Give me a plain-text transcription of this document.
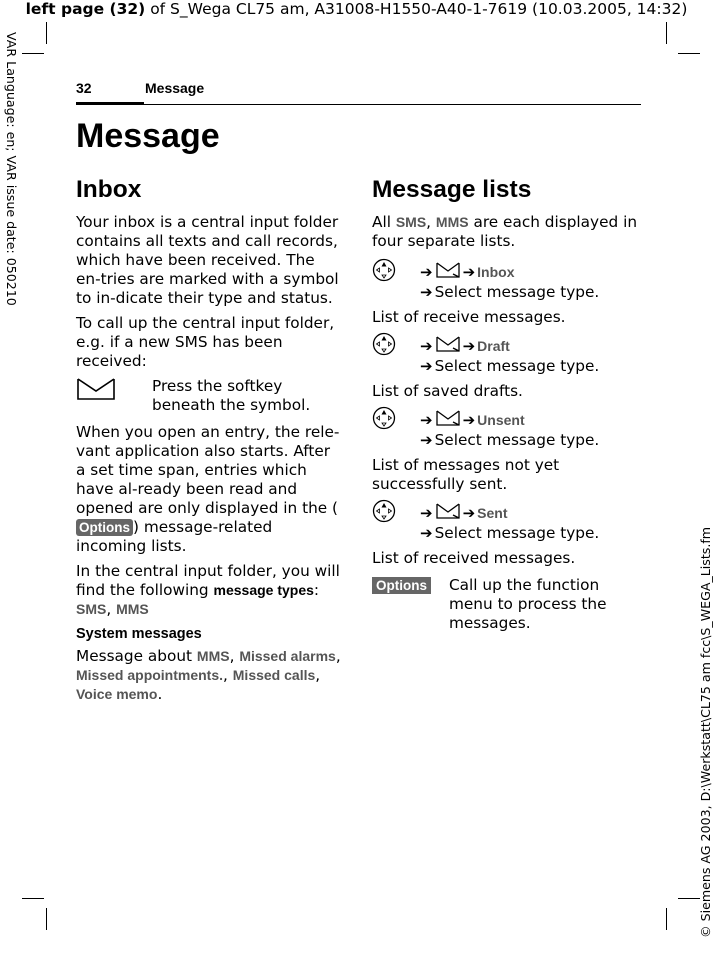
left page (32) of S_Wega CL75 am, A31008-H1550-A40-1-7619 (10.03.2005, 14:32)
VAR Language: en; VAR issue date: 050210
© Siemens AG 2003, D:\Werkstatt\CL75 am fcc\S_WEGA_Lists.fm
32	Message
Message
Inbox

Your inbox is a central input folder contains all texts and call records, which have been received. The en-tries are marked with a symbol to in-dicate their type and status.

To call up the central input folder, e.g. if a new SMS has been received:

Press the softkey beneath the symbol.

When you open an entry, the rele-vant application also starts. After a set time span, entries which have al-ready been read and opened are only displayed in the (Options ) message-related incoming lists.

In the central input folder, you will find the following message types:
SMS, MMS

System messages

Message about MMS, Missed alarms, Missed appointments., Missed calls, Voice memo.

Message lists

All SMS, MMS are each displayed in four separate lists.

➔ ➔ Inbox
➔ Select message type.
List of receive messages.
➔ ➔ Draft
➔ Select message type.
List of saved drafts.
➔ ➔ Unsent
➔ Select message type.
List of messages not yet successfully sent.
➔ ➔ Sent
➔ Select message type.
List of received messages.
Options	Call up the function menu to process the messages.
